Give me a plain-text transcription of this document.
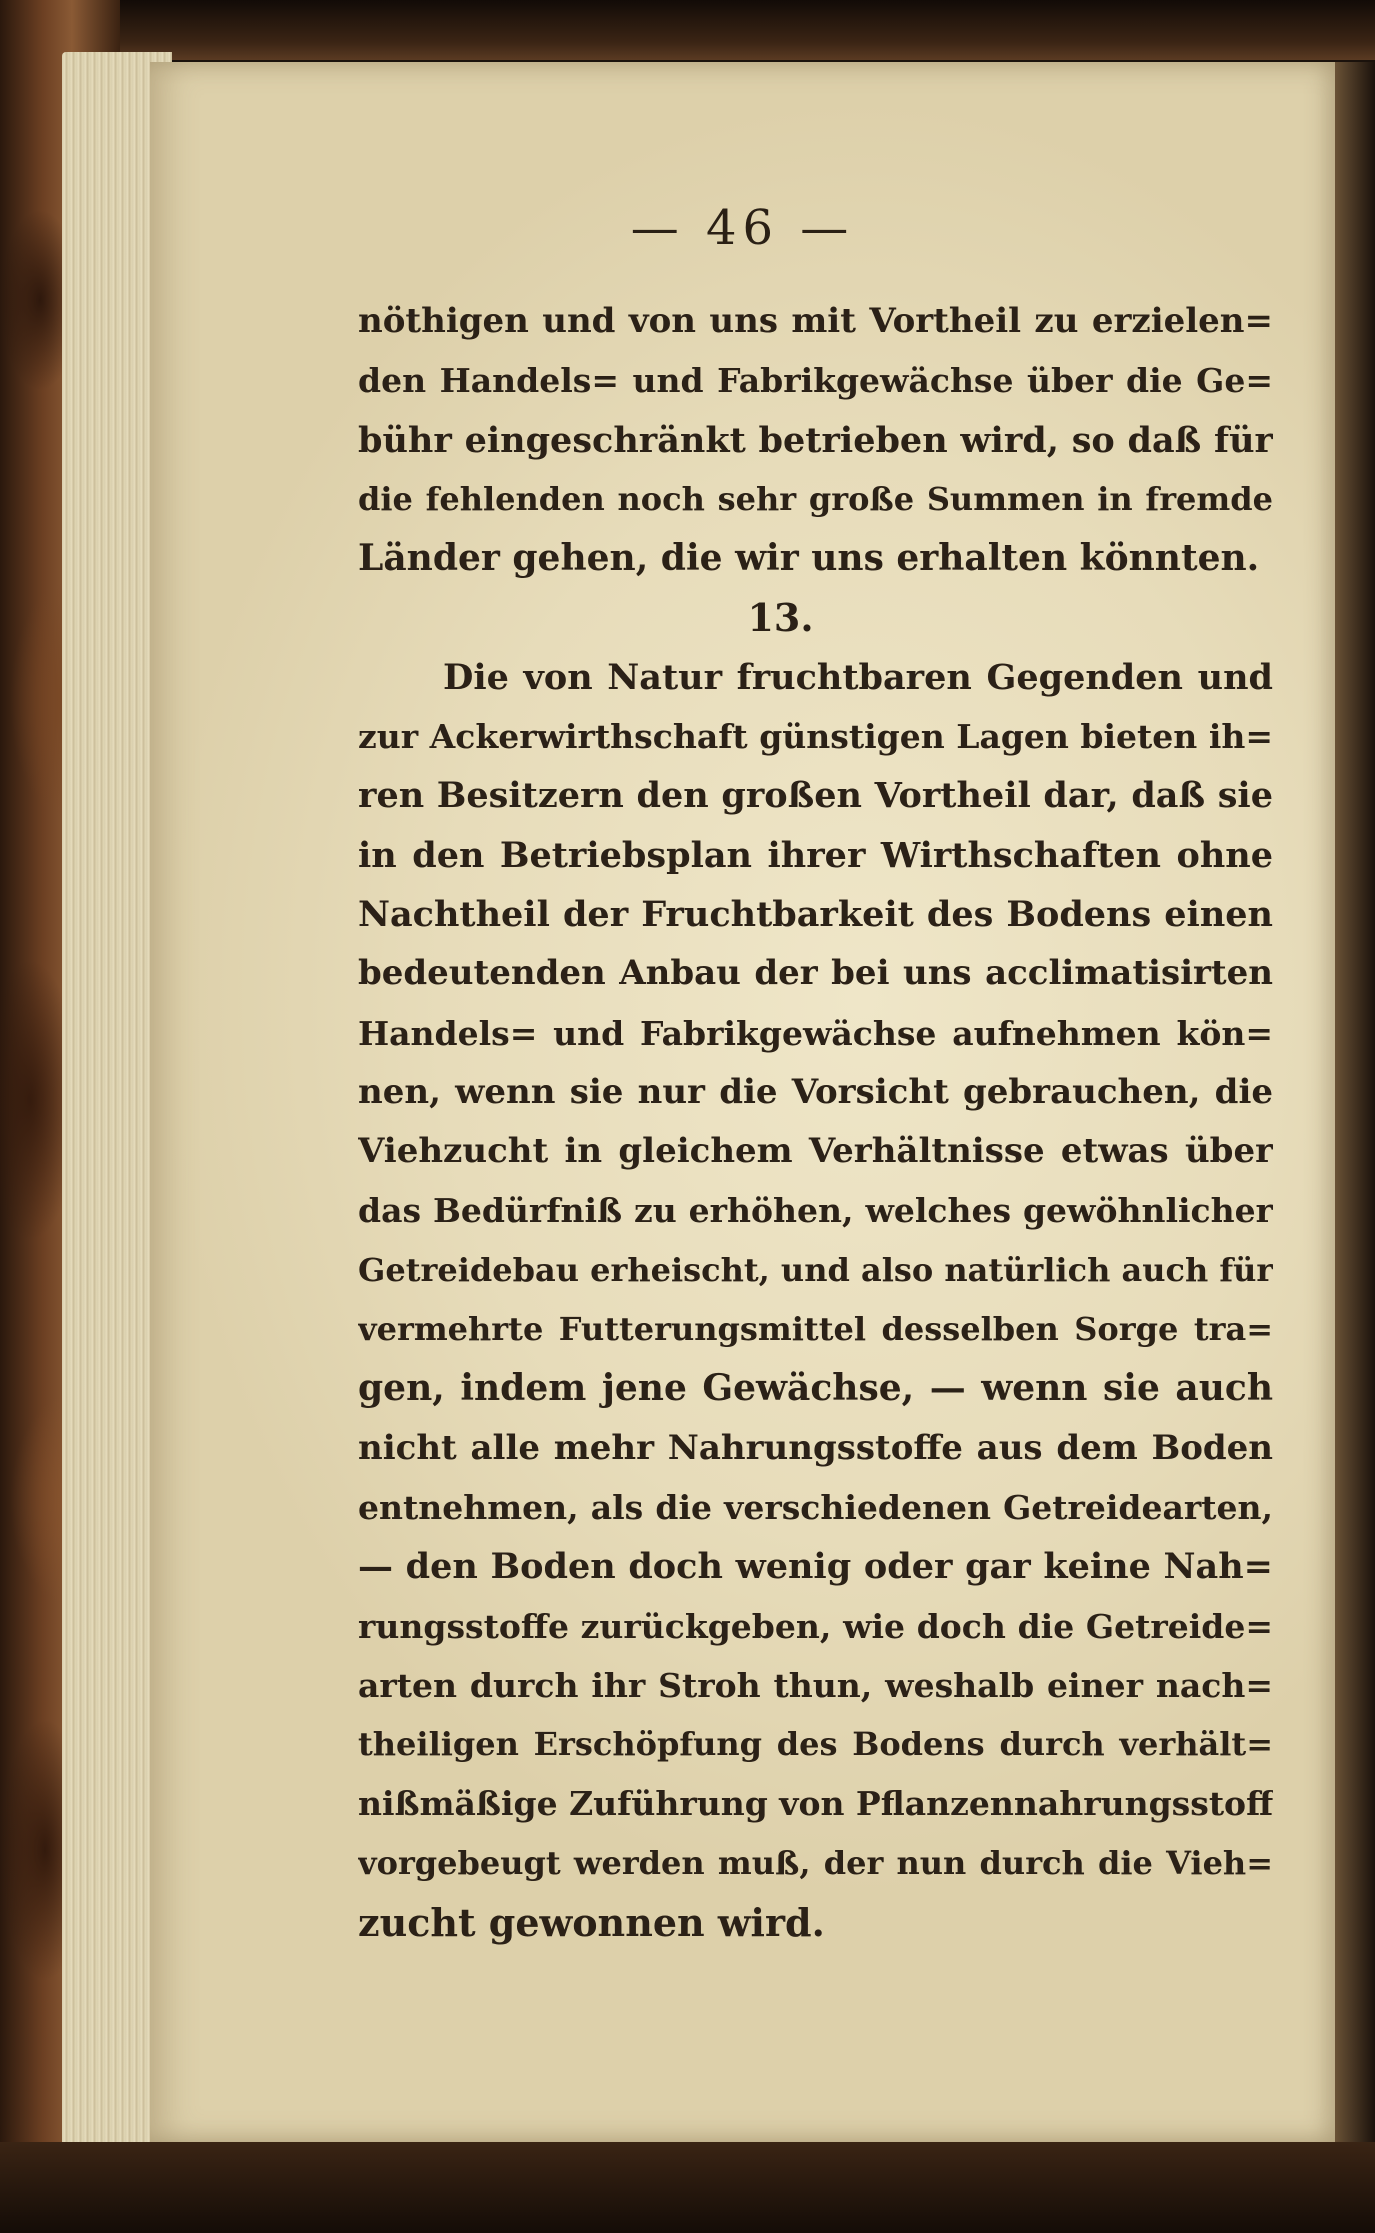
— 46 —
nöthigen und von uns mit Vortheil zu erzielen=
den Handels= und Fabrikgewächse über die Ge=
bühr eingeschränkt betrieben wird, so daß für
die fehlenden noch sehr große Summen in fremde
Länder gehen, die wir uns erhalten könnten.
13.
Die von Natur fruchtbaren Gegenden und
zur Ackerwirthschaft günstigen Lagen bieten ih=
ren Besitzern den großen Vortheil dar, daß sie
in den Betriebsplan ihrer Wirthschaften ohne
Nachtheil der Fruchtbarkeit des Bodens einen
bedeutenden Anbau der bei uns acclimatisirten
Handels= und Fabrikgewächse aufnehmen kön=
nen, wenn sie nur die Vorsicht gebrauchen, die
Viehzucht in gleichem Verhältnisse etwas über
das Bedürfniß zu erhöhen, welches gewöhnlicher
Getreidebau erheischt, und also natürlich auch für
vermehrte Futterungsmittel desselben Sorge tra=
gen, indem jene Gewächse, — wenn sie auch
nicht alle mehr Nahrungsstoffe aus dem Boden
entnehmen, als die verschiedenen Getreidearten,
— den Boden doch wenig oder gar keine Nah=
rungsstoffe zurückgeben, wie doch die Getreide=
arten durch ihr Stroh thun, weshalb einer nach=
theiligen Erschöpfung des Bodens durch verhält=
nißmäßige Zuführung von Pflanzennahrungsstoff
vorgebeugt werden muß, der nun durch die Vieh=
zucht gewonnen wird.
